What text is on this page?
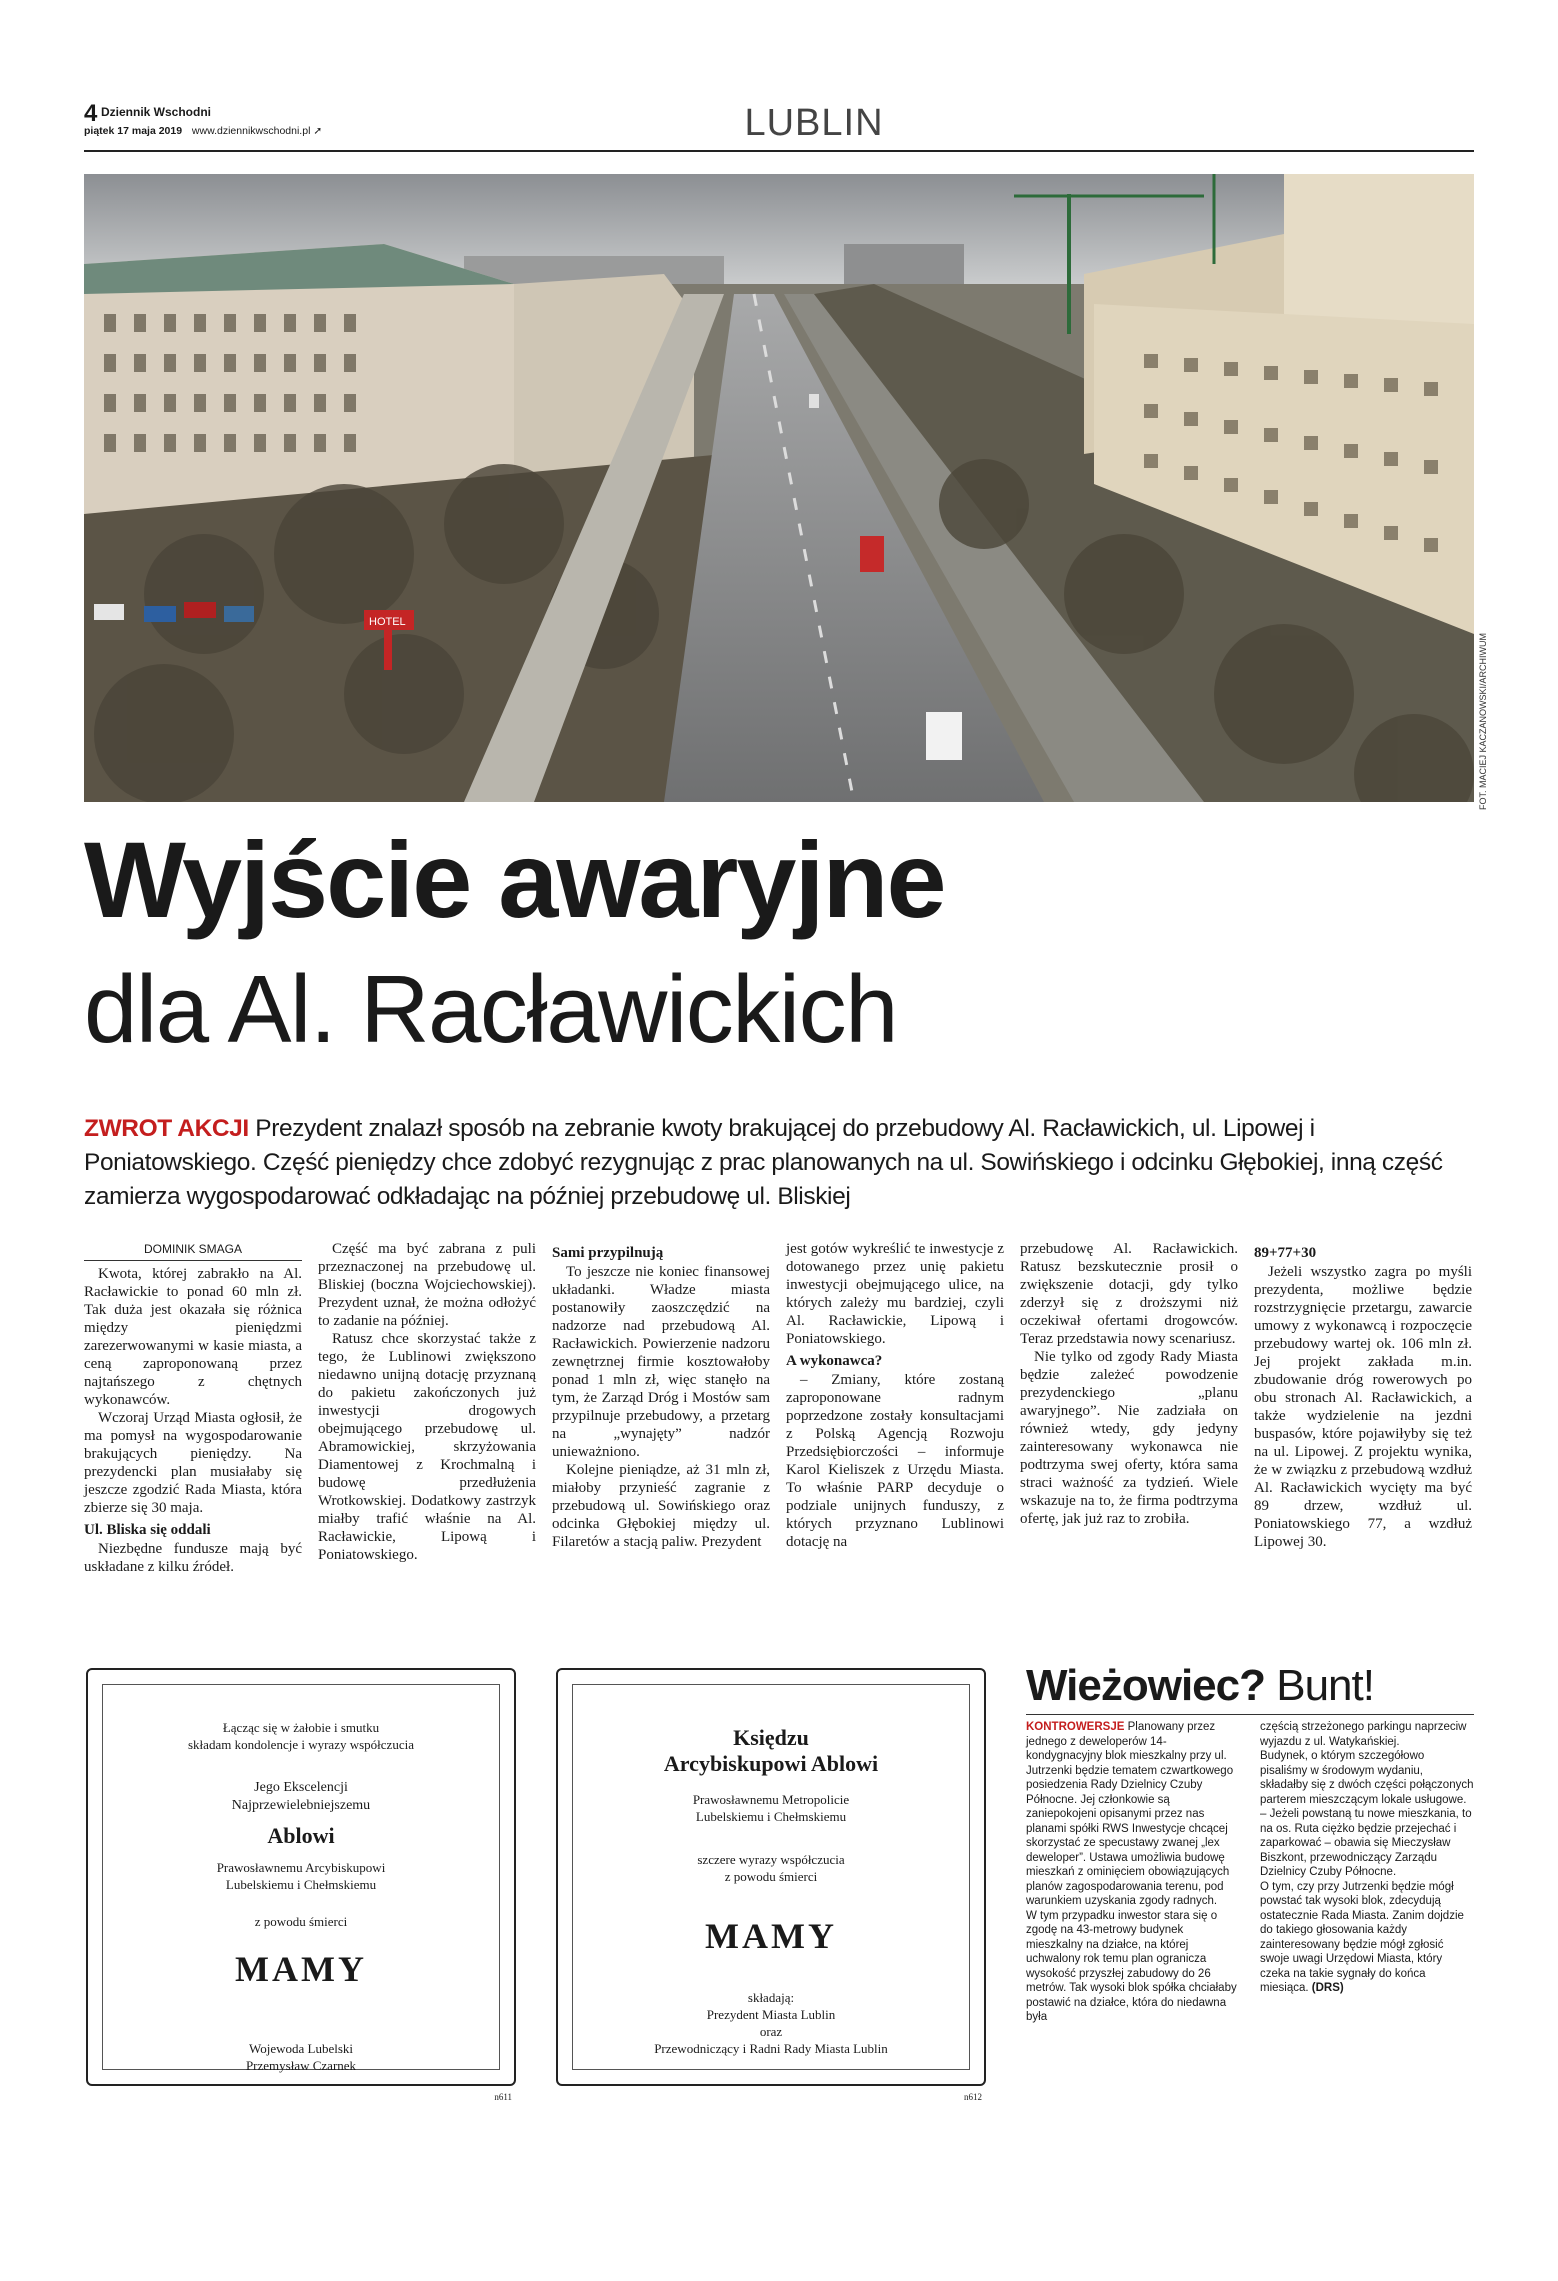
4 Dziennik Wschodni
piątek 17 maja 2019 www.dziennikwschodni.pl ➚	LUBLIN
HOTEL
FOT. MACIEJ KACZANOWSKI/ARCHIWUM
Wyjście awaryjne
dla Al. Racławickich
ZWROT AKCJI Prezydent znalazł sposób na zebranie kwoty brakującej do przebudowy Al. Racławickich, ul. Lipowej i Poniatowskiego. Część pieniędzy chce zdobyć rezygnując z prac planowanych na ul. Sowińskiego i odcinku Głębokiej, inną część zamierza wygospodarować odkładając na później przebudowę ul. Bliskiej
DOMINIK SMAGA

Kwota, której zabrakło na Al. Racławickie to ponad 60 mln zł. Tak duża jest okazała się różnica między pieniędzmi zarezerwowanymi w kasie miasta, a ceną zaproponowaną przez najtańszego z chętnych wykonawców.

Wczoraj Urząd Miasta ogłosił, że ma pomysł na wygospodarowanie brakujących pieniędzy. Na prezydencki plan musiałaby się jeszcze zgodzić Rada Miasta, która zbierze się 30 maja.

Ul. Bliska się oddali

Niezbędne fundusze mają być uskładane z kilku źródeł.

Część ma być zabrana z puli przeznaczonej na przebudowę ul. Bliskiej (boczna Wojciechowskiej). Prezydent uznał, że można odłożyć to zadanie na później.

Ratusz chce skorzystać także z tego, że Lublinowi zwiększono niedawno unijną dotację przyznaną do pakietu zakończonych już inwestycji drogowych obejmującego przebudowę ul. Abramowickiej, skrzyżowania Diamentowej z Krochmalną i budowę przedłużenia Wrotkowskiej. Dodatkowy zastrzyk miałby trafić właśnie na Al. Racławickie, Lipową i Poniatowskiego.

Sami przypilnują

To jeszcze nie koniec finansowej układanki. Władze miasta postanowiły zaoszczędzić na nadzorze nad przebudową Al. Racławickich. Powierzenie nadzoru zewnętrznej firmie kosztowałoby ponad 1 mln zł, więc stanęło na tym, że Zarząd Dróg i Mostów sam przypilnuje przebudowy, a przetarg na „wynajęty” nadzór unieważniono.

Kolejne pieniądze, aż 31 mln zł, miałoby przynieść zagranie z przebudową ul. Sowińskiego oraz odcinka Głębokiej między ul. Filaretów a stacją paliw. Prezydent

jest gotów wykreślić te inwestycje z dotowanego przez unię pakietu inwestycji obejmującego ulice, na których zależy mu bardziej, czyli Al. Racławickie, Lipową i Poniatowskiego.

A wykonawca?

– Zmiany, które zostaną zaproponowane radnym poprzedzone zostały konsultacjami z Polską Agencją Rozwoju Przedsiębiorczości – informuje Karol Kieliszek z Urzędu Miasta. To właśnie PARP decyduje o podziale unijnych funduszy, z których przyznano Lublinowi dotację na

przebudowę Al. Racławickich. Ratusz bezskutecznie prosił o zwiększenie dotacji, gdy tylko zderzył się z droższymi niż oczekiwał ofertami drogowców. Teraz przedstawia nowy scenariusz.

Nie tylko od zgody Rady Miasta będzie zależeć powodzenie prezydenckiego „planu awaryjnego”. Nie zadziała on również wtedy, gdy jedyny zainteresowany wykonawca nie podtrzyma swej oferty, która sama straci ważność za tydzień. Wiele wskazuje na to, że firma podtrzyma ofertę, jak już raz to zrobiła.

89+77+30

Jeżeli wszystko zagra po myśli prezydenta, możliwe będzie rozstrzygnięcie przetargu, zawarcie umowy z wykonawcą i rozpoczęcie przebudowy wartej ok. 106 mln zł. Jej projekt zakłada m.in. zbudowanie dróg rowerowych po obu stronach Al. Racławickich, a także wydzielenie na jezdni buspasów, które pojawiłyby się też na ul. Lipowej. Z projektu wynika, że w związku z przebudową wzdłuż Al. Racławickich wycięty ma być 89 drzew, wzdłuż ul. Poniatowskiego 77, a wzdłuż Lipowej 30.

Łącząc się w żałobie i smutku
składam kondolencje i wyrazy współczucia
Jego Ekscelencji
Najprzewielebniejszemu
Ablowi
Prawosławnemu Arcybiskupowi
Lubelskiemu i Chełmskiemu
z powodu śmierci
MAMY
Wojewoda Lubelski
Przemysław Czarnek
n611
Księdzu
Arcybiskupowi Ablowi
Prawosławnemu Metropolicie
Lubelskiemu i Chełmskiemu
szczere wyrazy współczucia
z powodu śmierci
MAMY
składają:
Prezydent Miasta Lublin
oraz
Przewodniczący i Radni Rady Miasta Lublin
n612
Wieżowiec? Bunt!

KONTROWERSJE Planowany przez jednego z deweloperów 14-kondygnacyjny blok mieszkalny przy ul. Jutrzenki będzie tematem czwartkowego posiedzenia Rady Dzielnicy Czuby Północne. Jej członkowie są zaniepokojeni opisanymi przez nas planami spółki RWS Inwestycje chcącej skorzystać ze specustawy zwanej „lex deweloper”. Ustawa umożliwia budowę mieszkań z ominięciem obowiązujących planów zagospodarowania terenu, pod warunkiem uzyskania zgody radnych.

W tym przypadku inwestor stara się o zgodę na 43-metrowy budynek mieszkalny na działce, na której uchwalony rok temu plan ogranicza wysokość przyszłej zabudowy do 26 metrów. Tak wysoki blok spółka chciałaby postawić na działce, która do niedawna była

częścią strzeżonego parkingu naprzeciw wyjazdu z ul. Watykańskiej.

Budynek, o którym szczegółowo pisaliśmy w środowym wydaniu, składałby się z dwóch części połączonych parterem mieszczącym lokale usługowe.

– Jeżeli powstaną tu nowe mieszkania, to na os. Ruta ciężko będzie przejechać i zaparkować – obawia się Mieczysław Biszkont, przewodniczący Zarządu Dzielnicy Czuby Północne.

O tym, czy przy Jutrzenki będzie mógł powstać tak wysoki blok, zdecydują ostatecznie Rada Miasta. Zanim dojdzie do takiego głosowania każdy zainteresowany będzie mógł zgłosić swoje uwagi Urzędowi Miasta, który czeka na takie sygnały do końca miesiąca. (DRS)
